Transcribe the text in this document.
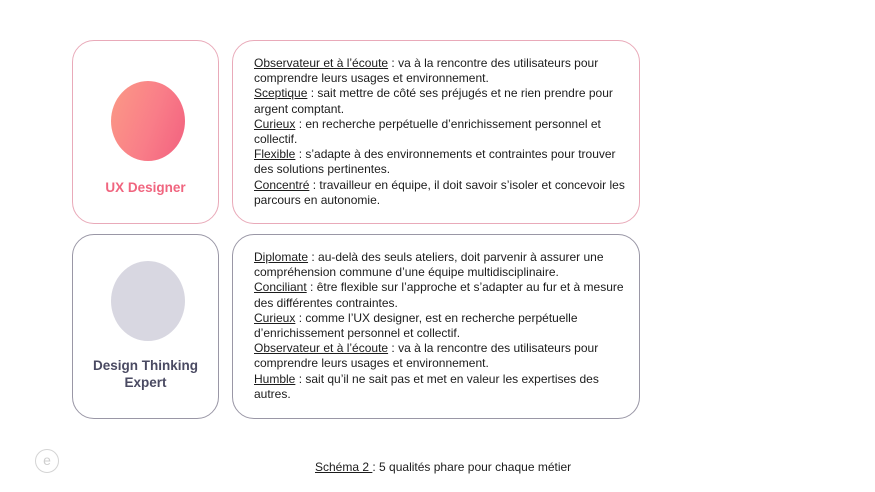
UX Designer

Observateur et à l’écoute : va à la rencontre des utilisateurs pour comprendre leurs usages et environnement.

Sceptique : sait mettre de côté ses préjugés et ne rien prendre pour argent comptant.

Curieux : en recherche perpétuelle d’enrichissement personnel et collectif.

Flexible : s’adapte à des environnements et contraintes pour trouver des solutions pertinentes.

Concentré : travailleur en équipe, il doit savoir s’isoler et concevoir les parcours en autonomie.

Design Thinking Expert

Diplomate : au-delà des seuls ateliers, doit parvenir à assurer une compréhension commune d’une équipe multidisciplinaire.

Conciliant : être flexible sur l’approche et s’adapter au fur et à mesure des différentes contraintes.

Curieux : comme l’UX designer, est en recherche perpétuelle d’enrichissement personnel et collectif.

Observateur et à l’écoute : va à la rencontre des utilisateurs pour comprendre leurs usages et environnement.

Humble : sait qu’il ne sait pas et met en valeur les expertises des autres.

e	Schéma 2 : 5 qualités phare pour chaque métier
